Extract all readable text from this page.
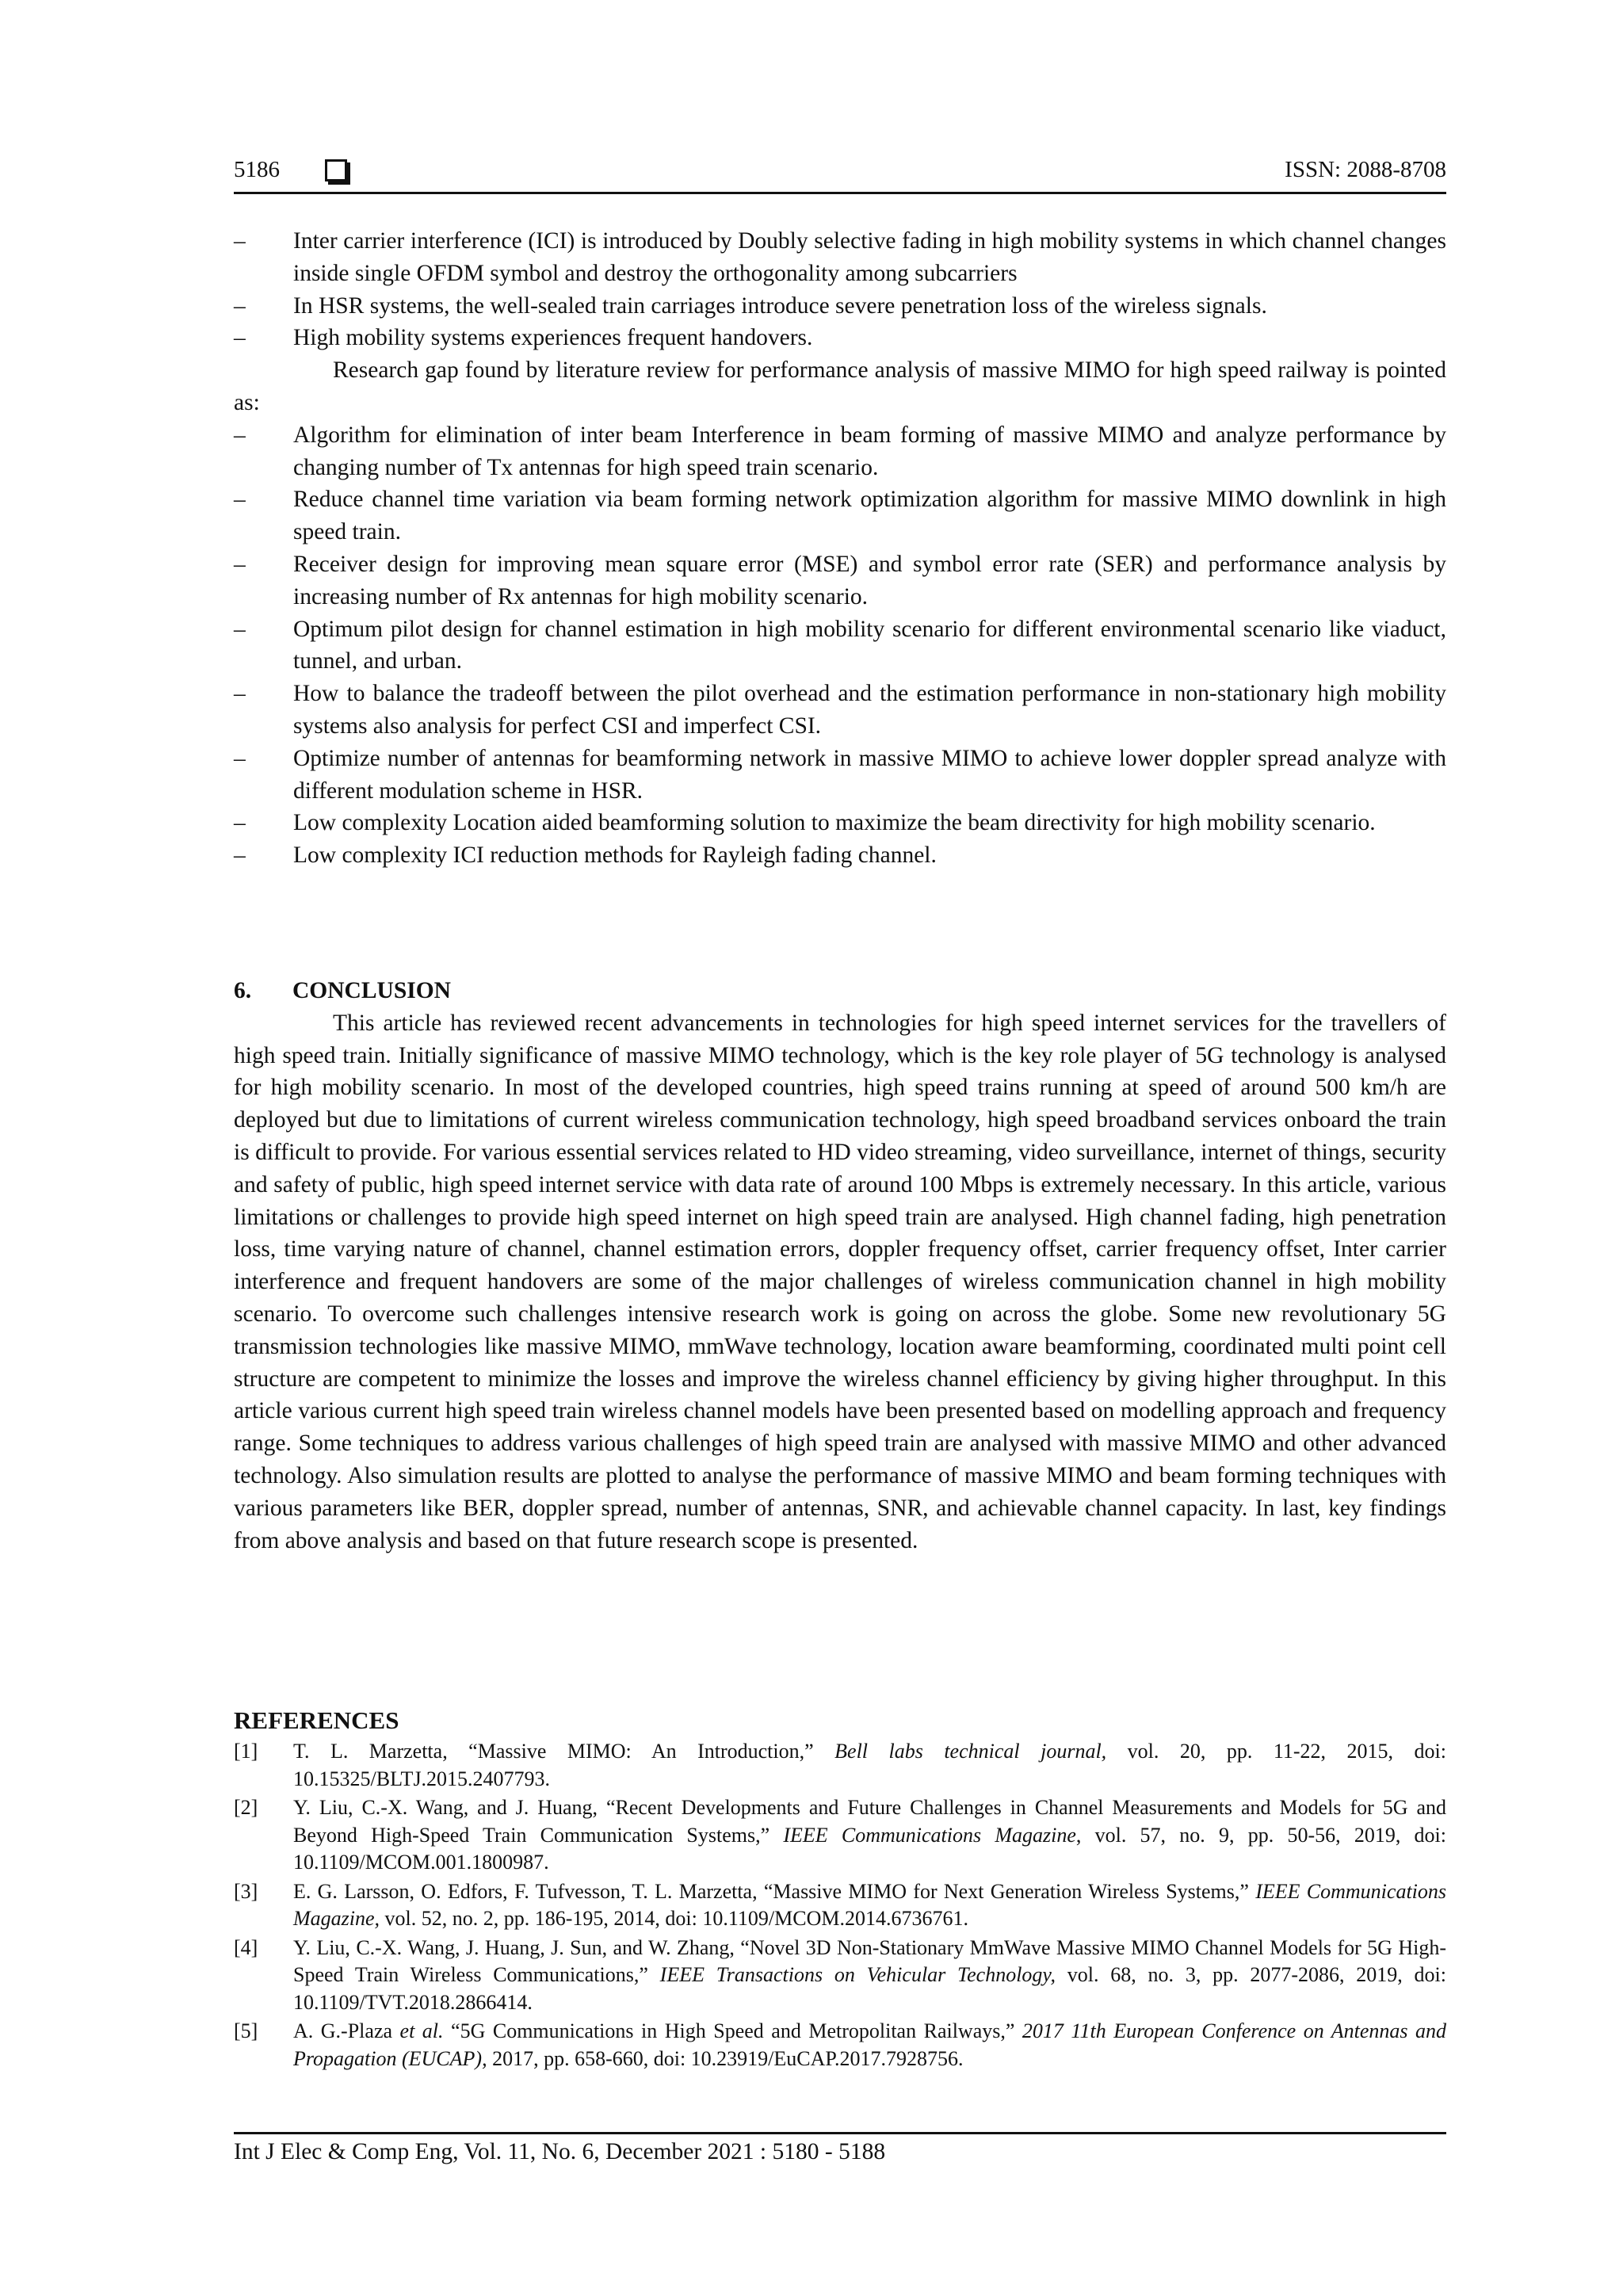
5186	ISSN: 2088-8708

– Inter carrier interference (ICI) is introduced by Doubly selective fading in high mobility systems in which channel changes inside single OFDM symbol and destroy the orthogonality among subcarriers

– In HSR systems, the well-sealed train carriages introduce severe penetration loss of the wireless signals.

– High mobility systems experiences frequent handovers.

Research gap found by literature review for performance analysis of massive MIMO for high speed railway is pointed as:

– Algorithm for elimination of inter beam Interference in beam forming of massive MIMO and analyze performance by changing number of Tx antennas for high speed train scenario.

– Reduce channel time variation via beam forming network optimization algorithm for massive MIMO downlink in high speed train.

– Receiver design for improving mean square error (MSE) and symbol error rate (SER) and performance analysis by increasing number of Rx antennas for high mobility scenario.

– Optimum pilot design for channel estimation in high mobility scenario for different environmental scenario like viaduct, tunnel, and urban.

– How to balance the tradeoff between the pilot overhead and the estimation performance in non-stationary high mobility systems also analysis for perfect CSI and imperfect CSI.

– Optimize number of antennas for beamforming network in massive MIMO to achieve lower doppler spread analyze with different modulation scheme in HSR.

– Low complexity Location aided beamforming solution to maximize the beam directivity for high mobility scenario.

– Low complexity ICI reduction methods for Rayleigh fading channel.

6. CONCLUSION

This article has reviewed recent advancements in technologies for high speed internet services for the travellers of high speed train. Initially significance of massive MIMO technology, which is the key role player of 5G technology is analysed for high mobility scenario. In most of the developed countries, high speed trains running at speed of around 500 km/h are deployed but due to limitations of current wireless communication technology, high speed broadband services onboard the train is difficult to provide. For various essential services related to HD video streaming, video surveillance, internet of things, security and safety of public, high speed internet service with data rate of around 100 Mbps is extremely necessary. In this article, various limitations or challenges to provide high speed internet on high speed train are analysed. High channel fading, high penetration loss, time varying nature of channel, channel estimation errors, doppler frequency offset, carrier frequency offset, Inter carrier interference and frequent handovers are some of the major challenges of wireless communication channel in high mobility scenario. To overcome such challenges intensive research work is going on across the globe. Some new revolutionary 5G transmission technologies like massive MIMO, mmWave technology, location aware beamforming, coordinated multi point cell structure are competent to minimize the losses and improve the wireless channel efficiency by giving higher throughput. In this article various current high speed train wireless channel models have been presented based on modelling approach and frequency range. Some techniques to address various challenges of high speed train are analysed with massive MIMO and other advanced technology. Also simulation results are plotted to analyse the performance of massive MIMO and beam forming techniques with various parameters like BER, doppler spread, number of antennas, SNR, and achievable channel capacity. In last, key findings from above analysis and based on that future research scope is presented.

REFERENCES

[1] T. L. Marzetta, “Massive MIMO: An Introduction,” Bell labs technical journal, vol. 20, pp. 11-22, 2015, doi: 10.15325/BLTJ.2015.2407793.
[2] Y. Liu, C.-X. Wang, and J. Huang, “Recent Developments and Future Challenges in Channel Measurements and Models for 5G and Beyond High-Speed Train Communication Systems,” IEEE Communications Magazine, vol. 57, no. 9, pp. 50-56, 2019, doi: 10.1109/MCOM.001.1800987.
[3] E. G. Larsson, O. Edfors, F. Tufvesson, T. L. Marzetta, “Massive MIMO for Next Generation Wireless Systems,” IEEE Communications Magazine, vol. 52, no. 2, pp. 186-195, 2014, doi: 10.1109/MCOM.2014.6736761.
[4] Y. Liu, C.-X. Wang, J. Huang, J. Sun, and W. Zhang, “Novel 3D Non-Stationary MmWave Massive MIMO Channel Models for 5G High-Speed Train Wireless Communications,” IEEE Transactions on Vehicular Technology, vol. 68, no. 3, pp. 2077-2086, 2019, doi: 10.1109/TVT.2018.2866414.
[5] A. G.-Plaza et al. “5G Communications in High Speed and Metropolitan Railways,” 2017 11th European Conference on Antennas and Propagation (EUCAP), 2017, pp. 658-660, doi: 10.23919/EuCAP.2017.7928756.
Int J Elec & Comp Eng, Vol. 11, No. 6, December 2021 : 5180 - 5188
